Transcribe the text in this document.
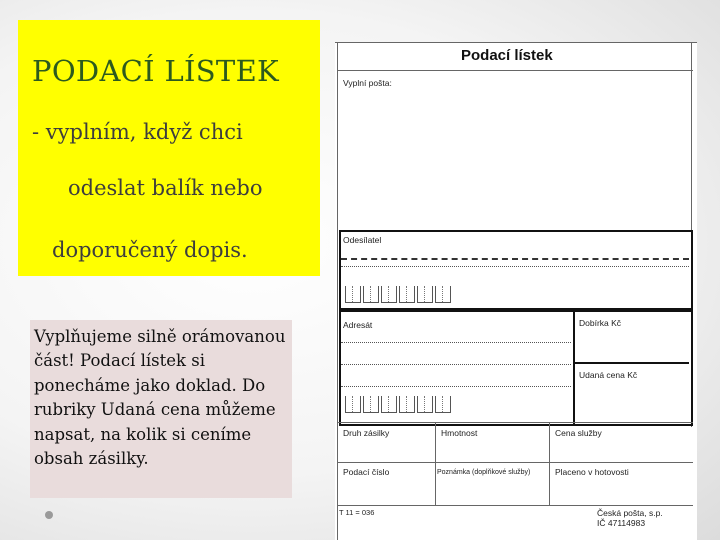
PODACÍ LÍSTEK
- vyplním, když chci
odeslat balík nebo
doporučený dopis.

Vyplňujeme silně orámovanou část! Podací lístek si ponecháme jako doklad. Do rubriky Udaná cena můžeme napsat, na kolik si ceníme obsah zásilky.

Podací lístek
Vyplní pošta:
Odesílatel
Adresát	Dobírka Kč
Udaná cena Kč
Druh zásilky	Hmotnost	Cena služby
Podací číslo	Poznámka (doplňkové služby)	Placeno v hotovosti
T 11 = 036	Česká pošta, s.p.
IČ 47114983
